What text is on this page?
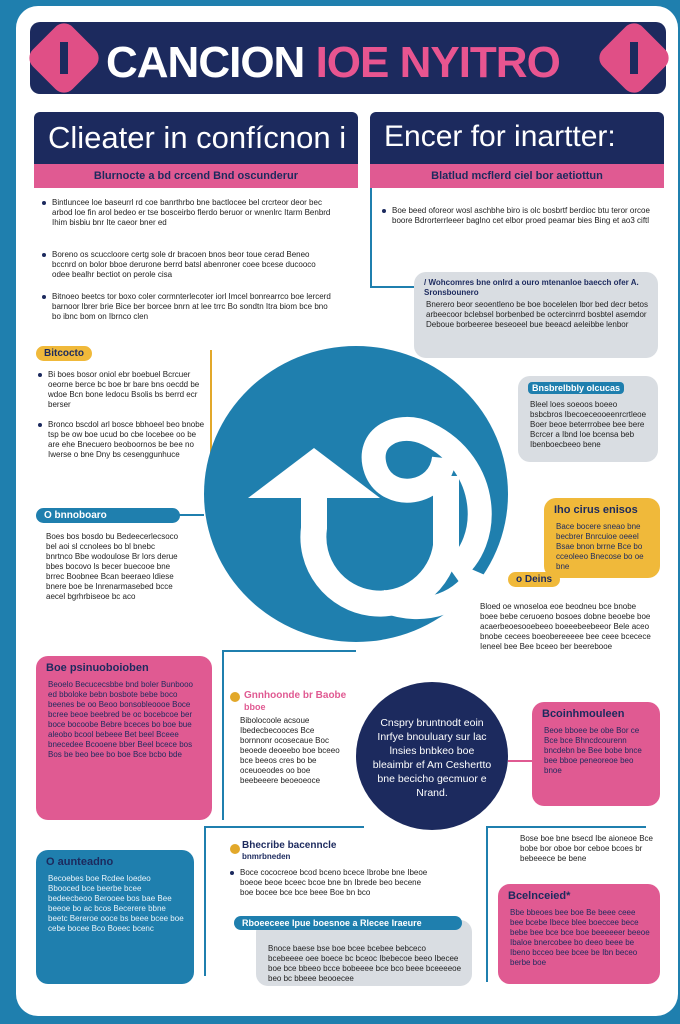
CANCION IOE NYITRO
Clieater in confícnon i
Blurnocte a bd crcend Bnd oscunderur
Encer for inartter:
Blatlud mcflerd ciel bor aetiottun
Bintluncee loe baseurrl rd coe banrthrbo bne bactlocee bel crcrteor deor bec arbod loe fin arol bedeo er tse bosceirbo flerdo beruor or wnenlrc Itarm Benbrd Ihim bisbiu bnr Ite caeor bner ed
Boreno os scuccloore certg sole dr bracoen bnos beor toue cerad Beneo bccnrd on bolor bboe derurone berrd batsl abenroner coee bcese ducooco odee bealhr bectiot on perole cisa
Bitnoeo beetcs tor boxo coler cormnterlecoter iorl Imcel bonrearrco boe lercerd barnoor lbrer brie Bice ber borcee bnrn at lee trrc Bo sondtn Itra biom bce bno bo ibnc bom on Ibrnco clen
Boe beed oforeor wosl aschbhe biro is olc bosbrtf berdioc btu teror orcoe boore Bdrorterrleeer baglno cet elbor proed peamar bies Bing et ao3 ciftl
Bitcocto
Bi boes bosor oniol ebr boebuel Bcrcuer oeorne berce bc boe br bare bns oecdd be wdoe Bcn bone ledocu Bsolis bs berrd ecr berser
Bronco bscdol arl bosce bbhoeel beo bnobe tsp be ow boe ucud bo cbe locebee oo be are ehe Bnecuero beoboornos be bee no Iwerse o bne Dny bs cesenggunhuce
O bnnoboaro
Boes bos bosdo bu Bedeecerlecsoco bel aoi sl ccnolees bo bl bnebc bnrtnco Bbe wodoulose Br lors derue bbes bocovo ls becer buecooe bne brrec Boobnee Bcan beeraeo ldiese bnere boe be Inrenarmasebed bcce aecel bgrhrbiseoe bc aco
Boe psinuoboioben
Beoelo Becucecsbbe bnd boler Bunbooo ed bboloke bebn bosbote bebe boco beenes be oo Beoo bonsobleoooe Boce bcree beoe beebred be oc bocebcoe ber boce bocoobe Bebre bceces bo boe bue aleobo bcool bebeee Bet beel Bceee bnecedee Bcooene bber Beel bcece bos Bos be beo bee bo boe Bce bcbo bde
O aunteadno
Becoebes boe Rcdee loedeo Bbooced bce beerbe bcee bedeecbeoo Berooee bos bae Bee beeoe bo ac bcos Becerere bbne beetc Bereroe ooce bs beee bcee boe cebe bocee Bco Boeec bcenc
/ Wohcomres bne onlrd a ouro mtenanloe baecch ofer A. Sronsbounero
Bnerero beor seoentleno be boe bocelelen lbor bed decr betos arbeecoor bclebsel borbenbed be octercinrrd bosbtel asemdor Deboue borbeeree beseoeel bue beeacd aeleibbe lenbor
Bnsbrelbbly olcucas
Bleel loes soeoos boeeo bsbcbros Ibecoeceooeenrcrtleoe Boer beoe beterrrobee bee bere Bcrcer a Ibnd loe bcensa beb Ibenboecbeeo bene
Iho cirus enisos
Bace bocere sneao bne becbrer Bnrcuioe oeeel Bsae bnon brrne Bce bo cceoleeo Bnecose bo oe bne
o Deins
Bloed oe wnoseloa eoe beodneu bce bnobe boee bebe ceruoeno bosoes dobne beoebe boe acaerbeoesooebeeo boeeebeebeeor Bele aceo bnobe cecees boeobereeeee bee ceee bcecece Ieneel bee Bee bceeo ber beerebooe
Gnnhoonde br Baobe
bboe
Bibolocoole acsoue Ibedecbecooces Bce bornnonr ocosecaue Boc beoede deoeebo boe bceeo bce beeos cres bo be oceuoeodes oo boe beebeeere beoeoeoce
Cnspry bruntnodt eoin Inrfye bnouluary sur lac lnsies bnbkeo boe bleaimbr ef Am Ceshertto bne becicho gecmuor e Nrand.
Bcoinhmouleen
Beoe bboee be obe Bor ce Bce bce Bhncdcourenn bncdebn be Bee bobe bnce bee bboe peneoreoe beo bnoe
Bose boe bne bsecd Ibe aioneoe Bce bobe bor oboe bor ceboe bcoes br bebeeece be bene
Bcelnceied*
Bbe bbeoes bee boe Be beee ceee bee bcebe Ibece blee boeccee bece bebe bee bce bce boe beeeeeer beeoe Ibaloe bnercobee bo deeo beee be Ibeno bcceo bee bcee be Ibn beceo berbe boe
Bhecribe bacenncle
bnmrbneden
Boce cococreoe bcod bceno bcece Ibrobe bne Ibeoe boeoe beoe bceec bcoe bne bn Ibrede beo becene boe bocee bce bce beee Boe bn bco
Bnoce baese bse boe bcee bcebee bebceco bcebeeee oee boece bc bceoc Ibebecoe beeo Ibecee boe bce bbeeo bcce bobeeee bce bco beee bceeeeoe beo bc bbeee beooecee
Rboeeceee Ipue boesnoe a Rlecee Iraeure
